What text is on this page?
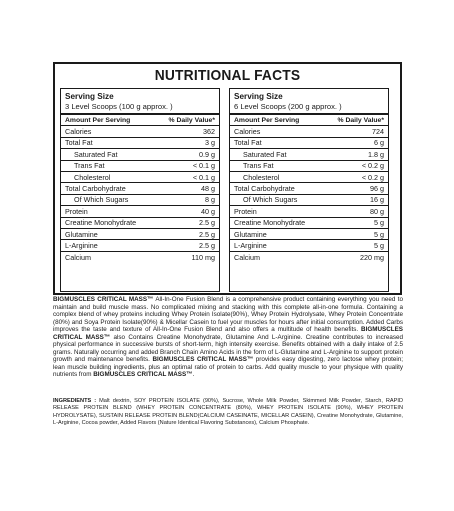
NUTRITIONAL FACTS
Serving Size
3 Level Scoops (100 g approx. )
Amount Per Serving	% Daily Value*
Calories	362
Total Fat	3 g
Saturated Fat	0.9 g
Trans Fat	< 0.1 g
Cholesterol	< 0.1 g
Total Carbohydrate	48 g
Of Which Sugars	8 g
Protein	40 g
Creatine Monohydrate	2.5 g
Glutamine	2.5 g
L-Arginine	2.5 g
Calcium	110 mg
Serving Size
6 Level Scoops (200 g approx. )
Amount Per Serving	% Daily Value*
Calories	724
Total Fat	6 g
Saturated Fat	1.8 g
Trans Fat	< 0.2 g
Cholesterol	< 0.2 g
Total Carbohydrate	96 g
Of Which Sugars	16 g
Protein	80 g
Creatine Monohydrate	5 g
Glutamine	5 g
L-Arginine	5 g
Calcium	220 mg

BIGMUSCLES CRITICAL MASS™ All-In-One Fusion Blend is a comprehensive product containing everything you need to maintain and build muscle mass. No complicated mixing and stacking with this complete all-in-one formula. Containing a complex blend of whey proteins including Whey Protein Isolate(90%), Whey Protein Hydrolysate, Whey Protein Concentrate (80%) and Soya Protein Isolate(90%) & Micellar Casein to fuel your muscles for hours after initial consumption. Added Carbs improves the taste and texture of All-In-One Fusion Blend and also offers a multitude of health benefits. BIGMUSCLES CRITICAL MASS™ also Contains Creatine Monohydrate, Glutamine And L-Arginine. Creatine contributes to increased physical performance in successive bursts of short-term, high intensity exercise. Benefits obtained with a daily intake of 2.5 grams. Naturally occurring and added Branch Chain Amino Acids in the form of L-Glutamine and L-Arginine to support protein growth and maintenance benefits. BIGMUSCLES CRITICAL MASS™ provides easy digesting, zero lactose whey protein; lean muscle building ingredients, plus an optimal ratio of protein to carbs. Add quality muscle to your physique with quality nutrients from BIGMUSCLES CRITICAL MASS™.

INGREDIENTS : Malt dextrin, SOY PROTEIN ISOLATE (90%), Sucrose, Whole Milk Powder, Skimmed Milk Powder, Starch, RAPID RELEASE PROTEIN BLEND (WHEY PROTEIN CONCENTRATE (80%), WHEY PROTEIN ISOLATE (90%), WHEY PROTEIN HYDROLYSATE), SUSTAIN RELEASE PROTEIN BLEND(CALCIUM CASEINATE, MICELLAR CASEIN), Creatine Monohydrate, Glutamine, L-Arginine, Cocoa powder, Added Flavors (Nature Identical Flavoring Substances), Calcium Phosphate.
